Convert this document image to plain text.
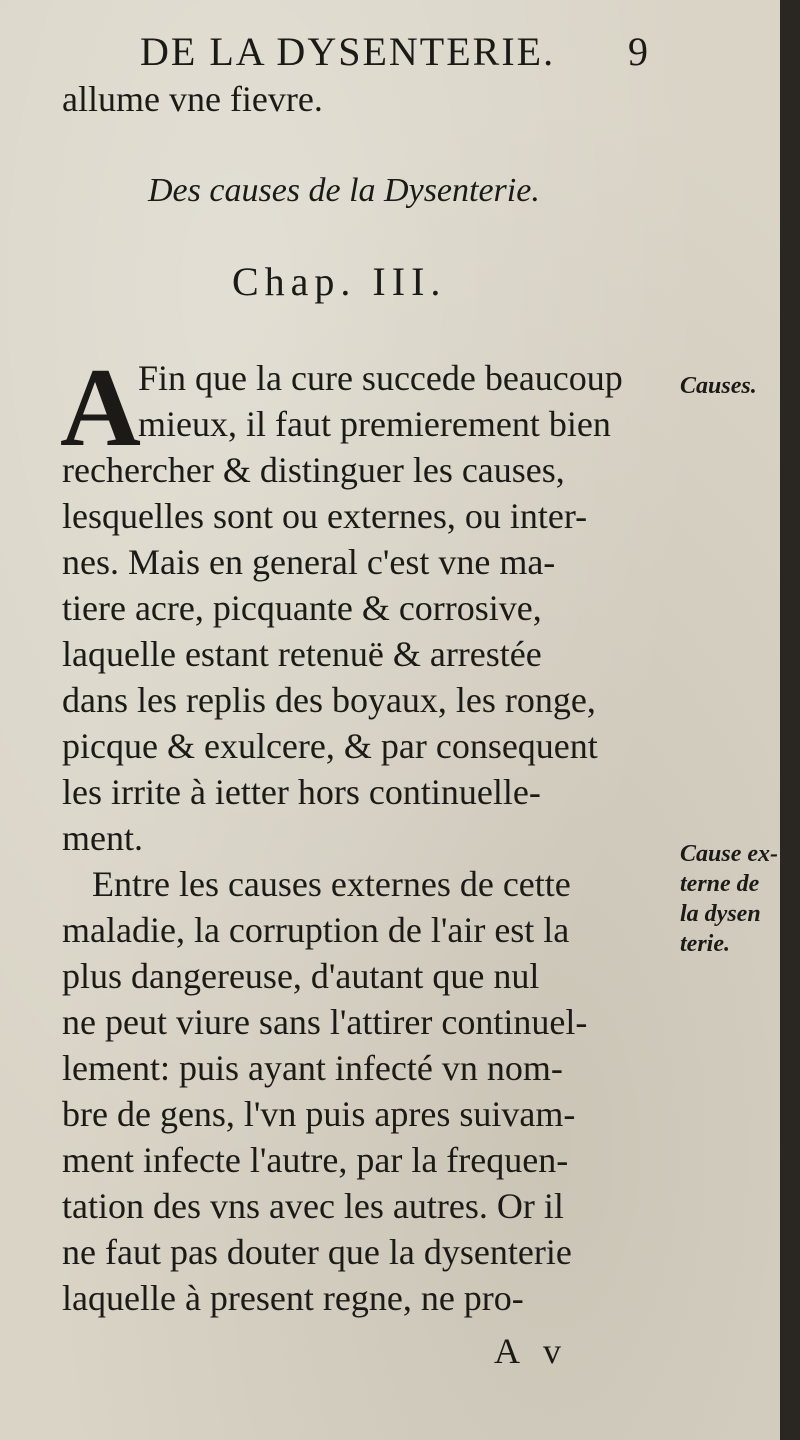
DE LA DYSENTERIE. 9
allume vne fievre.
Des causes de la Dysenterie.
Chap. III.
A
Fin que la cure succede beaucoup
mieux, il faut premierement bien
rechercher & distinguer les causes,
lesquelles sont ou externes, ou inter-
nes. Mais en general c'est vne ma-
tiere acre, picquante & corrosive,
laquelle estant retenuë & arrestée
dans les replis des boyaux, les ronge,
picque & exulcere, & par consequent
les irrite à ietter hors continuelle-
ment.
Entre les causes externes de cette
maladie, la corruption de l'air est la
plus dangereuse, d'autant que nul
ne peut viure sans l'attirer continuel-
lement: puis ayant infecté vn nom-
bre de gens, l'vn puis apres suivam-
ment infecte l'autre, par la frequen-
tation des vns avec les autres. Or il
ne faut pas douter que la dysenterie
laquelle à present regne, ne pro-
Causes.
Cause ex-
terne de
la dysen
terie.
A v
